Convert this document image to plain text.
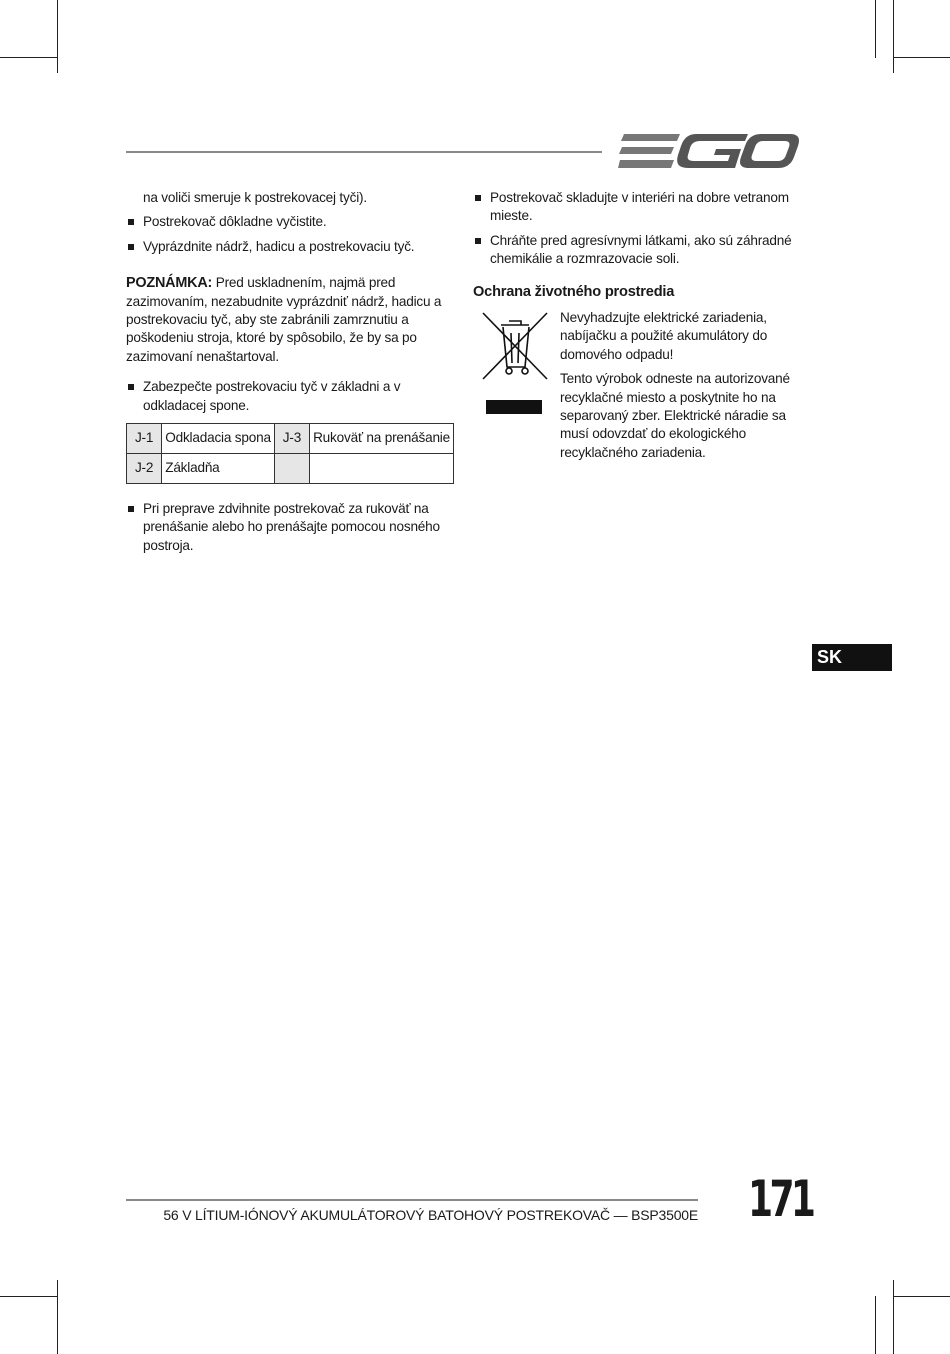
na voliči smeruje k postrekovacej tyči).

Postrekovač dôkladne vyčistite.
Vyprázdnite nádrž, hadicu a postrekovaciu tyč.

POZNÁMKA: Pred uskladnením, najmä pred zazimovaním, nezabudnite vyprázdniť nádrž, hadicu a postrekovaciu tyč, aby ste zabránili zamrznutiu a poškodeniu stroja, ktoré by spôsobilo, že by sa po zazimovaní nenaštartoval.

Zabezpečte postrekovaciu tyč v základni a v odkladacej spone.
J-1	Odkladacia spona	J-3	Rukoväť na prenášanie
J-2	Základňa		
Pri preprave zdvihnite postrekovač za rukoväť na prenášanie alebo ho prenášajte pomocou nosného postroja.
Postrekovač skladujte v interiéri na dobre vetranom mieste.
Chráňte pred agresívnymi látkami, ako sú záhradné chemikálie a rozmrazovacie soli.
Ochrana životného prostredia

Nevyhadzujte elektrické zariadenia, nabíjačku a použité akumulátory do domového odpadu!

Tento výrobok odneste na autorizované recyklačné miesto a poskytnite ho na separovaný zber. Elektrické náradie sa musí odovzdať do ekologického recyklačného zariadenia.

SK
56 V LÍTIUM-IÓNOVÝ AKUMULÁTOROVÝ BATOHOVÝ POSTREKOVAČ — BSP3500E 171
